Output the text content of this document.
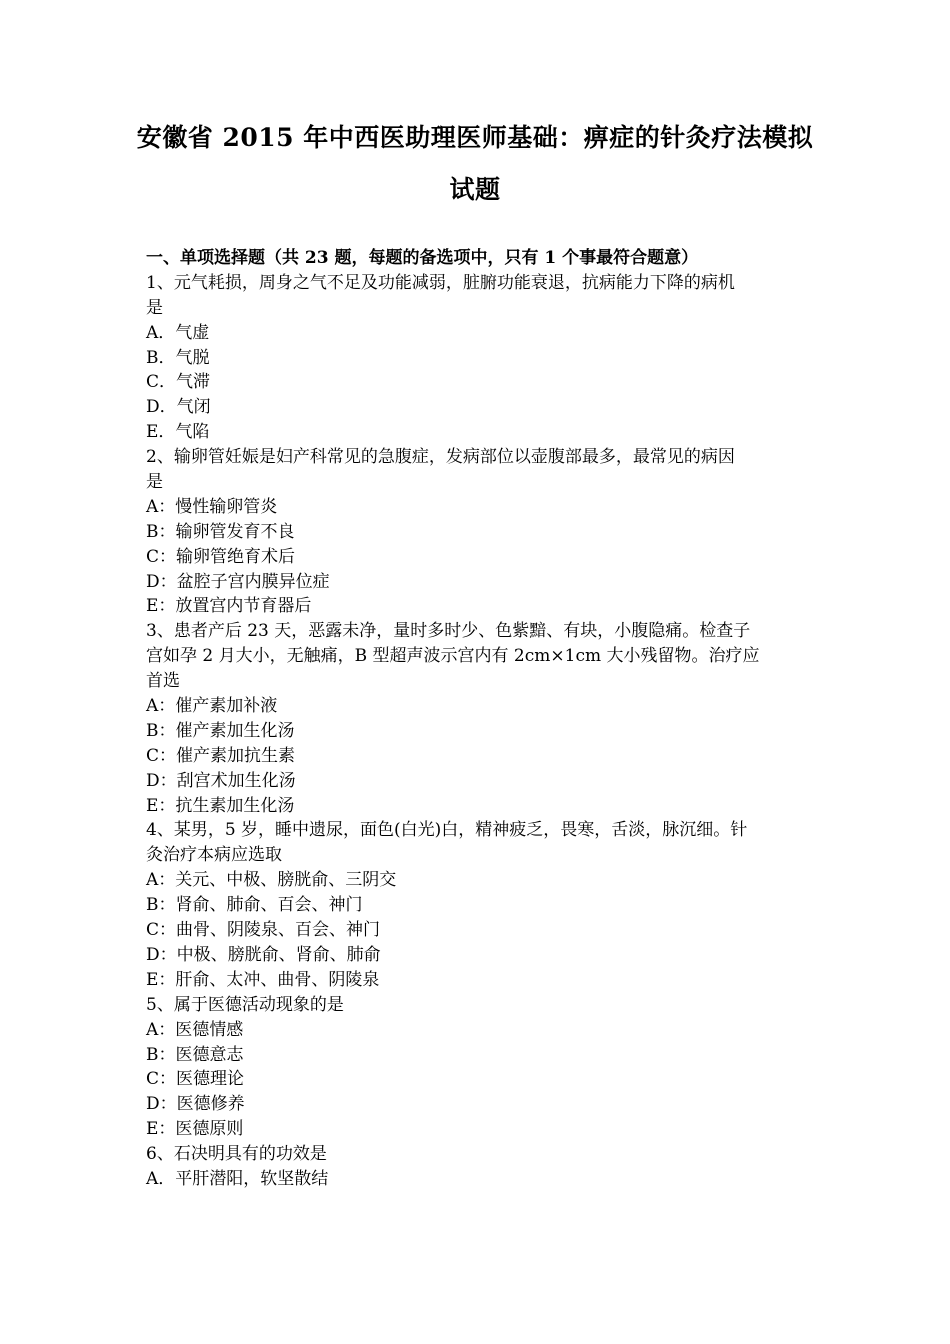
安徽省 2015 年中西医助理医师基础：痹症的针灸疗法模拟
试题
一、单项选择题（共 23 题，每题的备选项中，只有 1 个事最符合题意）
1、元气耗损，周身之气不足及功能减弱，脏腑功能衰退，抗病能力下降的病机
是
A．气虚
B．气脱
C．气滞
D．气闭
E．气陷
2、输卵管妊娠是妇产科常见的急腹症，发病部位以壶腹部最多，最常见的病因
是
A：慢性输卵管炎
B：输卵管发育不良
C：输卵管绝育术后
D：盆腔子宫内膜异位症
E：放置宫内节育器后
3、患者产后 23 天，恶露未净，量时多时少、色紫黯、有块，小腹隐痛。检查子
宫如孕 2 月大小，无触痛，B 型超声波示宫内有 2cm×1cm 大小残留物。治疗应
首选
A：催产素加补液
B：催产素加生化汤
C：催产素加抗生素
D：刮宫术加生化汤
E：抗生素加生化汤
4、某男，5 岁，睡中遗尿，面色(白光)白，精神疲乏，畏寒，舌淡，脉沉细。针
灸治疗本病应选取
A：关元、中极、膀胱俞、三阴交
B：肾俞、肺俞、百会、神门
C：曲骨、阴陵泉、百会、神门
D：中极、膀胱俞、肾俞、肺俞
E：肝俞、太冲、曲骨、阴陵泉
5、属于医德活动现象的是
A：医德情感
B：医德意志
C：医德理论
D：医德修养
E：医德原则
6、石决明具有的功效是
A．平肝潜阳，软坚散结
